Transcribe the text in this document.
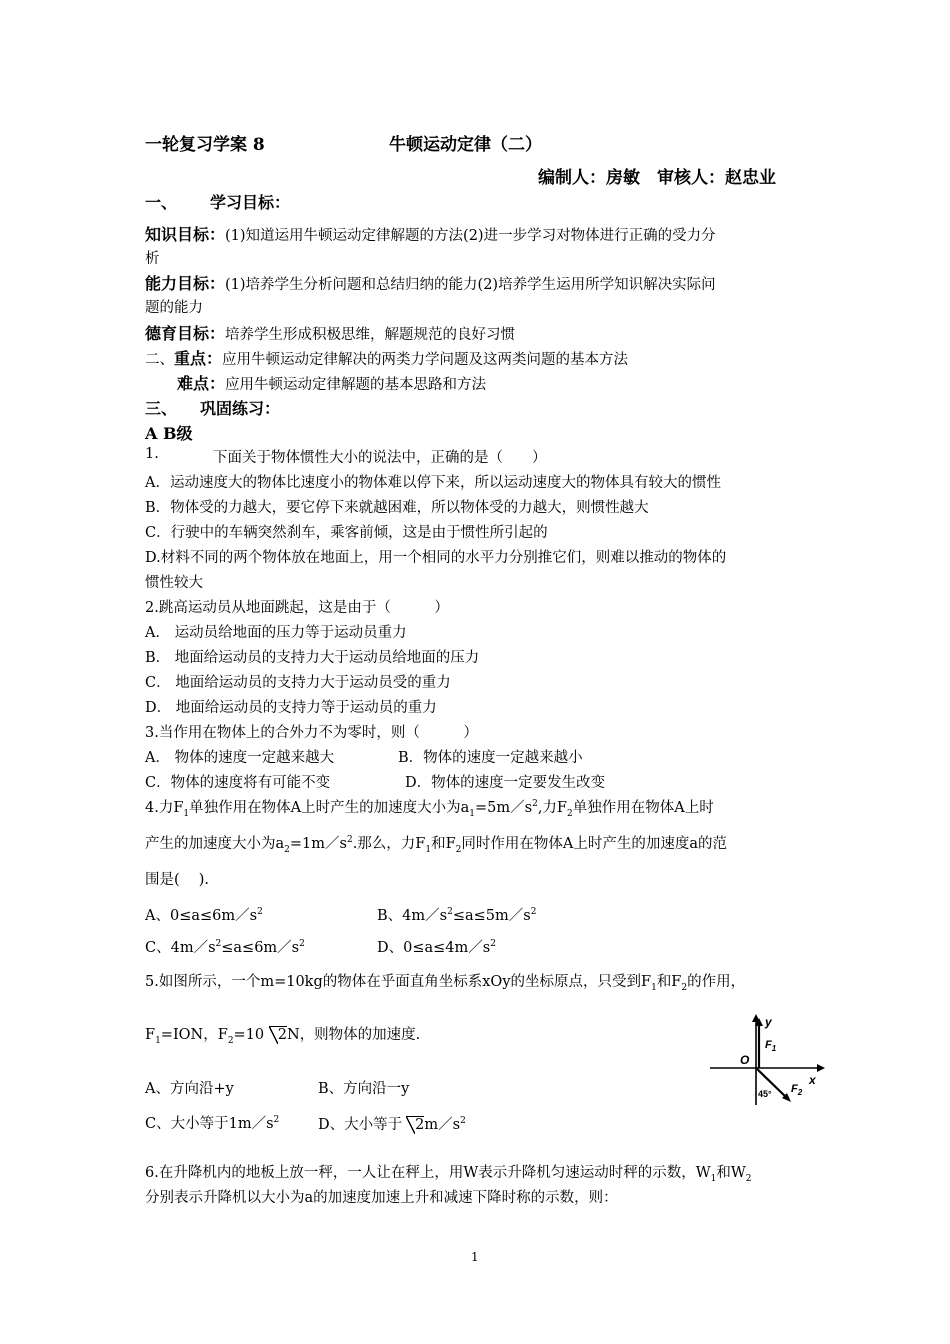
一轮复习学案 8	牛顿运动定律（二）
编制人：房敏　审核人：赵忠业
一、 学习目标：
知识目标：(1)知道运用牛顿运动定律解题的方法(2)进一步学习对物体进行正确的受力分
析
能力目标：(1)培养学生分析问题和总结归纳的能力(2)培养学生运用所学知识解决实际问
题的能力
德育目标：培养学生形成积极思维，解题规范的良好习惯
二、重点：应用牛顿运动定律解决的两类力学问题及这两类问题的基本方法
难点：应用牛顿运动定律解题的基本思路和方法
三、 巩固练习：
A B级
1.	下面关于物体惯性大小的说法中，正确的是（　　）
A．运动速度大的物体比速度小的物体难以停下来，所以运动速度大的物体具有较大的惯性
B．物体受的力越大，要它停下来就越困难，所以物体受的力越大，则惯性越大
C．行驶中的车辆突然刹车，乘客前倾，这是由于惯性所引起的
D.材料不同的两个物体放在地面上，用一个相同的水平力分别推它们，则难以推动的物体的
惯性较大
2.跳高运动员从地面跳起，这是由于（　　　）
A． 运动员给地面的压力等于运动员重力
B． 地面给运动员的支持力大于运动员给地面的压力
C． 地面给运动员的支持力大于运动员受的重力
D． 地面给运动员的支持力等于运动员的重力
3.当作用在物体上的合外力不为零时，则（　　　）
A． 物体的速度一定越来越大	B．物体的速度一定越来越小
C．物体的速度将有可能不变	D．物体的速度一定要发生改变
4.力$F_1$单独作用在物体A上时产生的加速度大小为$a_1=5m/s^2$,力$F_2$单独作用在物体A上时
产生的加速度大小为$a_2=1m/s^2$.那么，力$F_1$和$F_2$同时作用在物体A上时产生的加速度a的范
围是(　 ).
A、$0\le a\le 6m/s^2$	B、$4m/s^2\le a\le 5m/s^2$
C、$4m/s^2\le a\le 6m/s^2$	D、$0\le a\le 4m/s^2$
5.如图所示，一个m=10kg的物体在乎面直角坐标系xOy的坐标原点，只受到$F_1$和$F_2$的作用，
$F_1=ION$，$F_2=10$ 2N，则物体的加速度.
A、方向沿+y	B、方向沿一y
C、大小等于$1m/s^2$	D、大小等于 $2m/s^2$
y
x
O
$F_1$
$F_2$
45°
6.在升降机内的地板上放一秤，一人让在秤上，用W表示升降机匀速运动时秤的示数，$W_1$和$W_2$
分别表示升降机以大小为a的加速度加速上升和减速下降时称的示数，则：
1
